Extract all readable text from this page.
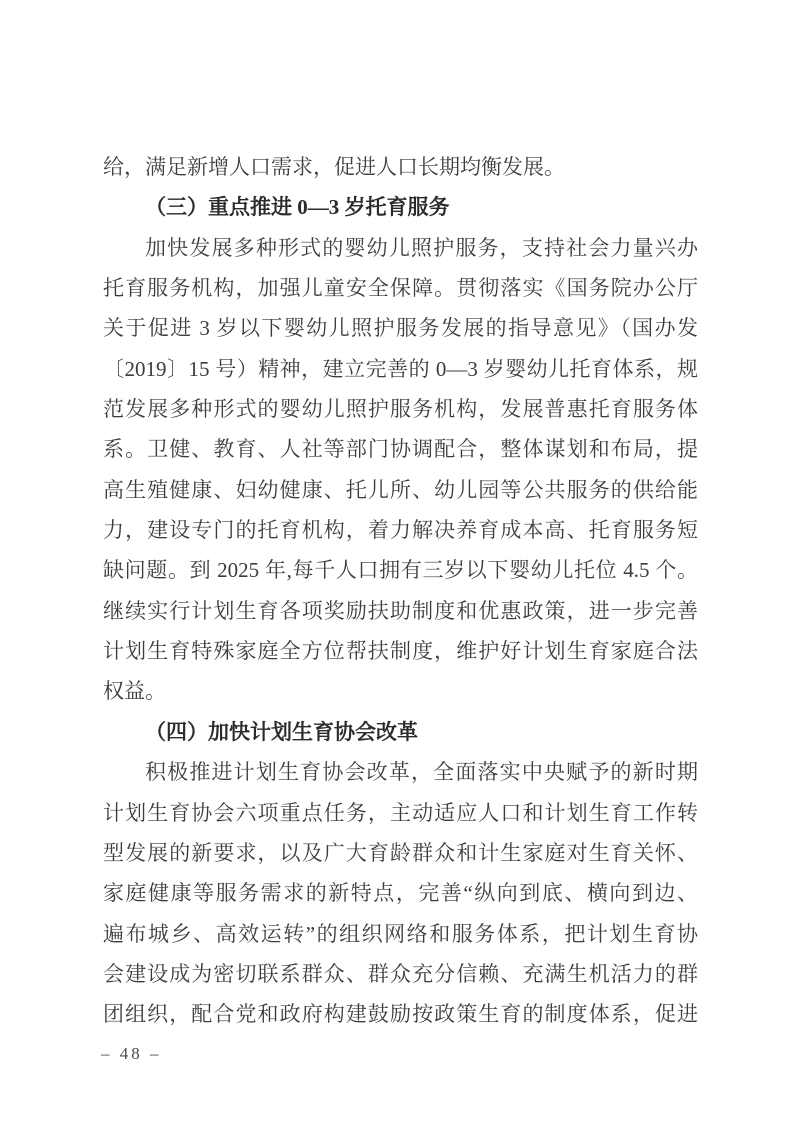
给，满足新增人口需求，促进人口长期均衡发展。
（三）重点推进 0—3 岁托育服务
加快发展多种形式的婴幼儿照护服务，支持社会力量兴办
托育服务机构，加强儿童安全保障。贯彻落实《国务院办公厅
关于促进 3 岁以下婴幼儿照护服务发展的指导意见》（国办发
〔2019〕15 号）精神，建立完善的 0—3 岁婴幼儿托育体系，规
范发展多种形式的婴幼儿照护服务机构，发展普惠托育服务体
系。卫健、教育、人社等部门协调配合，整体谋划和布局，提
高生殖健康、妇幼健康、托儿所、幼儿园等公共服务的供给能
力，建设专门的托育机构，着力解决养育成本高、托育服务短
缺问题。到 2025 年,每千人口拥有三岁以下婴幼儿托位 4.5 个。
继续实行计划生育各项奖励扶助制度和优惠政策，进一步完善
计划生育特殊家庭全方位帮扶制度，维护好计划生育家庭合法
权益。
（四）加快计划生育协会改革
积极推进计划生育协会改革，全面落实中央赋予的新时期
计划生育协会六项重点任务，主动适应人口和计划生育工作转
型发展的新要求，以及广大育龄群众和计生家庭对生育关怀、
家庭健康等服务需求的新特点，完善“纵向到底、横向到边、
遍布城乡、高效运转”的组织网络和服务体系，把计划生育协
会建设成为密切联系群众、群众充分信赖、充满生机活力的群
团组织，配合党和政府构建鼓励按政策生育的制度体系，促进
– 48 –
